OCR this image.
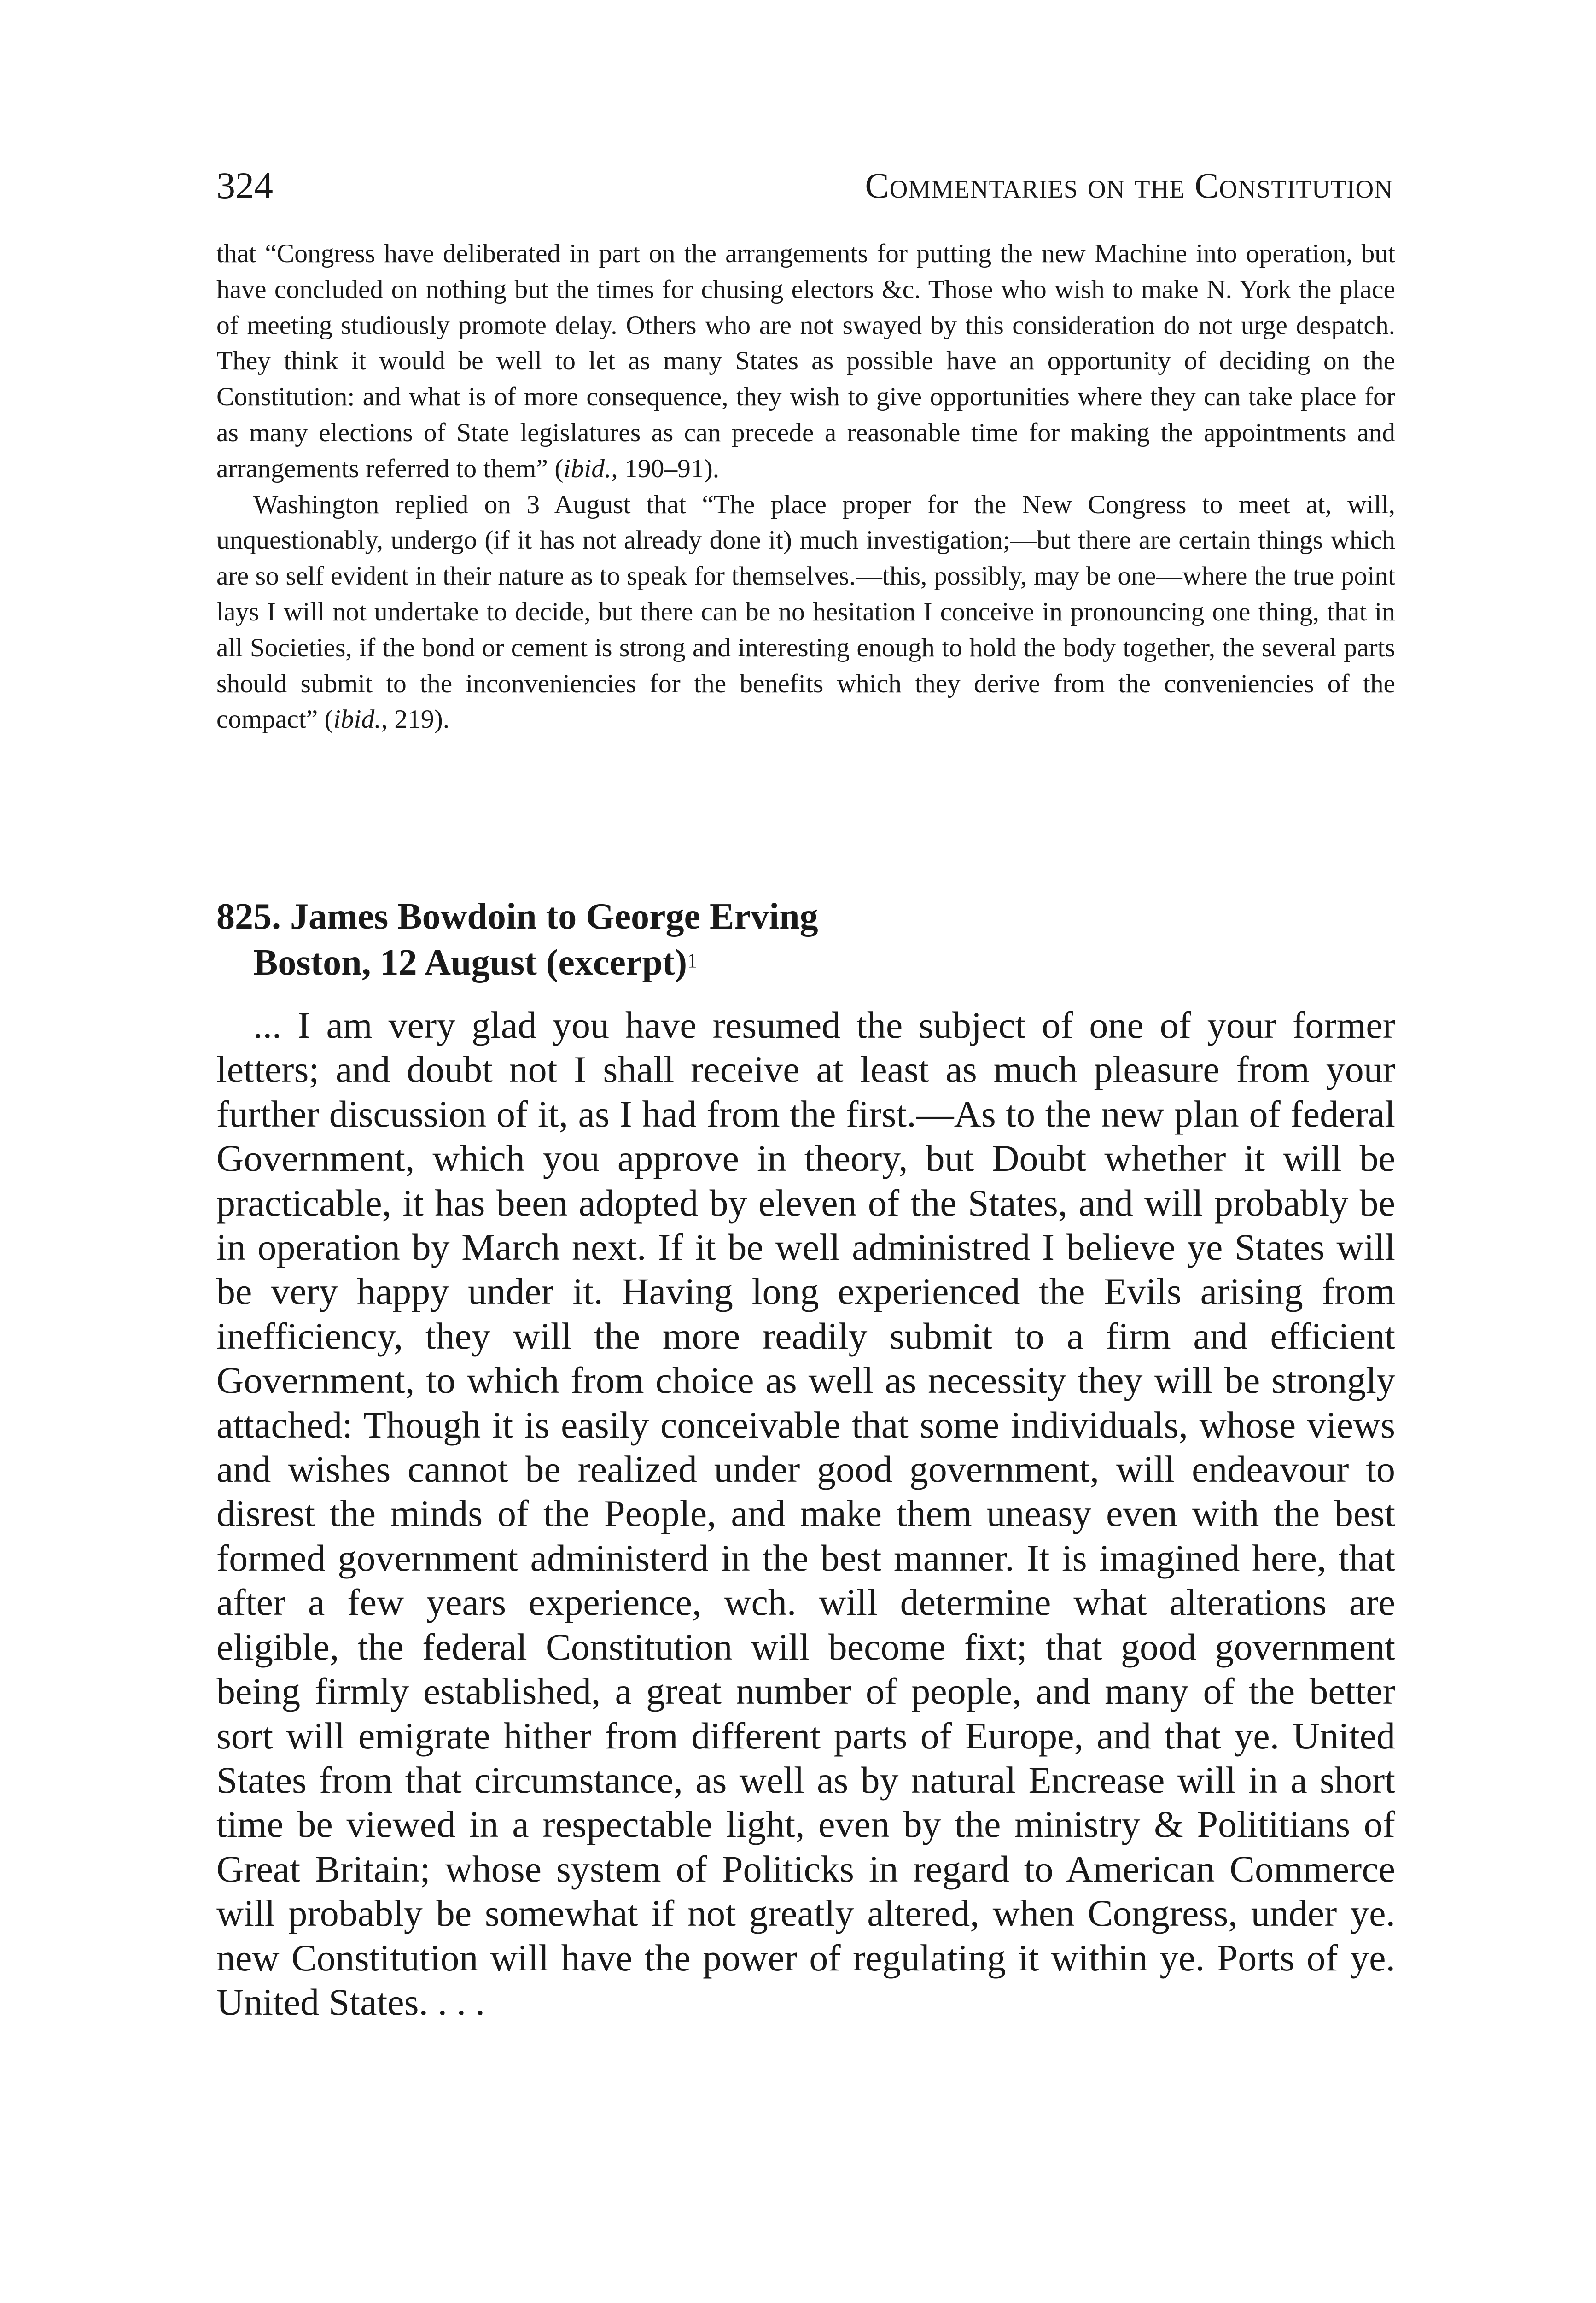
324	Commentaries on the Constitution

that “Congress have deliberated in part on the arrangements for putting the new Machine into operation, but have concluded on nothing but the times for chusing electors &c. Those who wish to make N. York the place of meeting studiously promote delay. Others who are not swayed by this consideration do not urge despatch. They think it would be well to let as many States as possible have an opportunity of deciding on the Constitution: and what is of more consequence, they wish to give opportunities where they can take place for as many elections of State legislatures as can precede a reasonable time for making the appointments and arrangements referred to them” (ibid., 190–91).

Washington replied on 3 August that “The place proper for the New Congress to meet at, will, unquestionably, undergo (if it has not already done it) much investigation;—but there are certain things which are so self evident in their nature as to speak for themselves.—this, possibly, may be one—where the true point lays I will not undertake to decide, but there can be no hesitation I conceive in pronouncing one thing, that in all Societies, if the bond or cement is strong and interesting enough to hold the body together, the several parts should submit to the inconveniencies for the benefits which they derive from the conveniencies of the compact” (ibid., 219).

825. James Bowdoin to George Erving
Boston, 12 August (excerpt)$^1$

... I am very glad you have resumed the subject of one of your former letters; and doubt not I shall receive at least as much pleasure from your further discussion of it, as I had from the first.—As to the new plan of federal Government, which you approve in theory, but Doubt whether it will be practicable, it has been adopted by eleven of the States, and will probably be in operation by March next. If it be well administred I believe ye States will be very happy under it. Having long experienced the Evils arising from inefficiency, they will the more readily submit to a firm and efficient Government, to which from choice as well as necessity they will be strongly attached: Though it is easily conceivable that some individuals, whose views and wishes cannot be realized under good government, will endeavour to disrest the minds of the People, and make them uneasy even with the best formed government administerd in the best manner. It is imagined here, that after a few years experience, wch. will determine what alterations are eligible, the federal Constitution will become fixt; that good government being firmly established, a great number of people, and many of the better sort will emigrate hither from different parts of Europe, and that ye. United States from that circumstance, as well as by natural Encrease will in a short time be viewed in a respectable light, even by the ministry & Polititians of Great Britain; whose system of Politicks in regard to American Commerce will probably be somewhat if not greatly altered, when Congress, under ye. new Constitution will have the power of regulating it within ye. Ports of ye. United States. . . .
